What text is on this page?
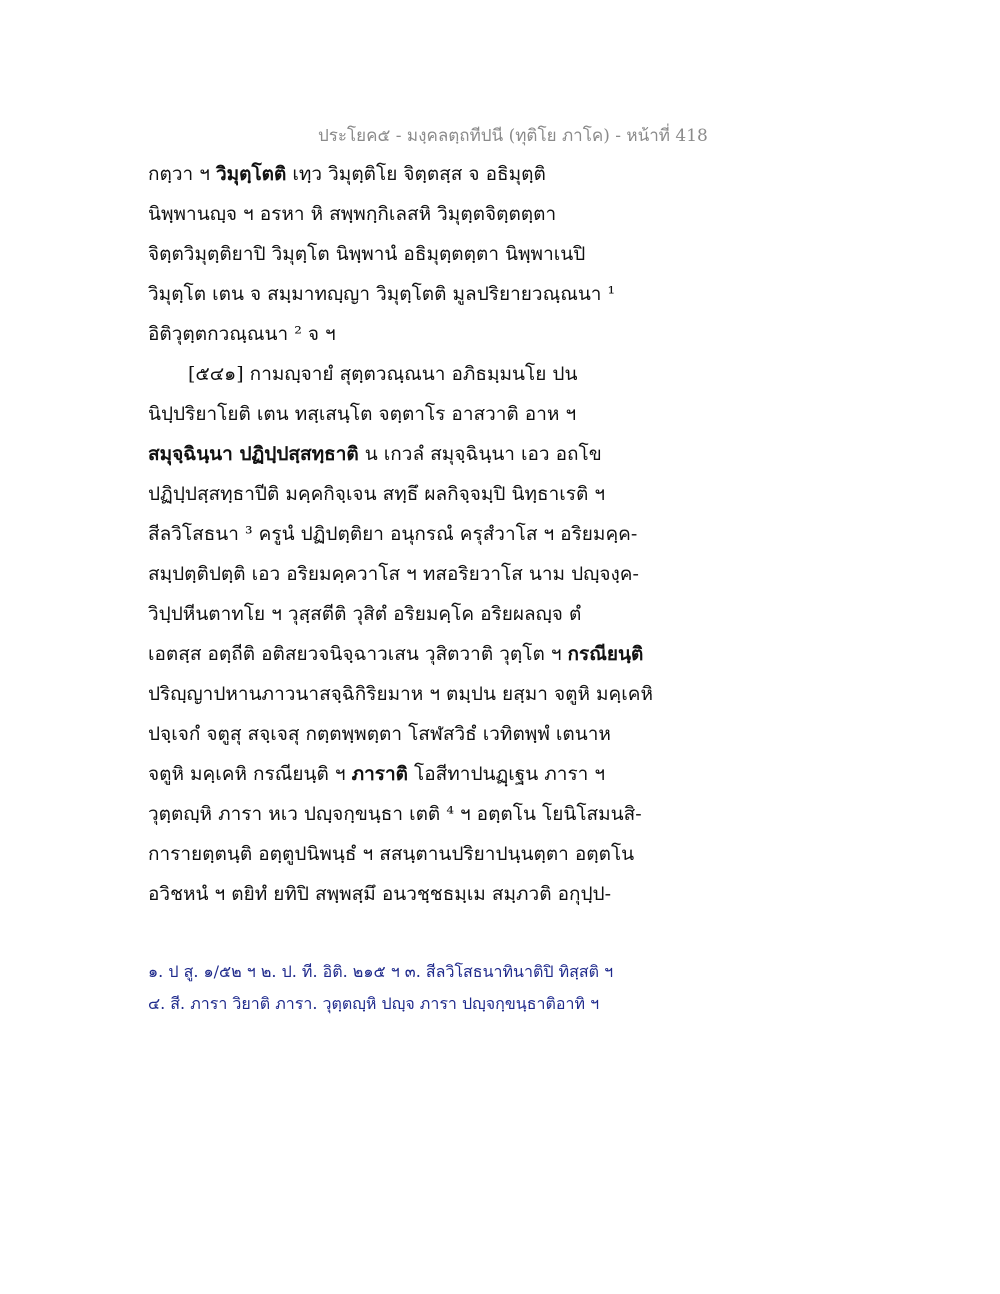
ประโยค๕ - มงฺคลตฺถทีปนี (ทุติโย ภาโค) - หน้าที่ 418
กตฺวา ฯ วิมุตฺโตติ เทฺว วิมุตฺติโย จิตฺตสฺส จ อธิมุตฺติ
นิพฺพานญฺจ ฯ อรหา หิ สพฺพกฺกิเลสหิ วิมุตฺตจิตฺตตฺตา
จิตฺตวิมุตฺติยาปิ วิมุตฺโต นิพฺพานํ อธิมุตฺตตฺตา นิพฺพาเนปิ
วิมุตฺโต เตน จ สมฺมาทญฺญา วิมุตฺโตติ มูลปริยายวณฺณนา ¹
อิติวุตฺตกวณฺณนา ² จ ฯ
[๕๔๑] กามญฺจายํ สุตฺตวณฺณนา อภิธมฺมนโย ปน
นิปฺปริยาโยติ เตน ทสฺเสนฺโต จตฺตาโร อาสวาติ อาห ฯ
สมุจฺฉินฺนา ปฏิปฺปสฺสทฺธาติ น เกวลํ สมุจฺฉินฺนา เอว อถโข
ปฏิปฺปสฺสทฺธาปีติ มคฺคกิจฺเจน สทฺธึ ผลกิจฺจมฺปิ นิทฺธาเรติ ฯ
สีลวิโสธนา ³ ครูนํ ปฏิปตฺติยา อนุกรณํ ครุสํวาโส ฯ อริยมคฺค-
สมฺปตฺติปตฺติ เอว อริยมคฺควาโส ฯ ทสอริยวาโส นาม ปญฺจงฺค-
วิปฺปหีนตาทโย ฯ วุสฺสตีติ วุสิตํ อริยมคฺโค อริยผลญฺจ ตํ
เอตสฺส อตฺถีติ อติสยวจนิจฺฉาวเสน วุสิตวาติ วุตฺโต ฯ กรณียนฺติ
ปริญฺญาปหานภาวนาสจฺฉิกิริยมาห ฯ ตมฺปน ยสฺมา จตูหิ มคฺเคหิ
ปจฺเจกํ จตูสุ สจฺเจสุ กตฺตพฺพตฺตา โสฬสวิธํ เวทิตพฺพํ เตนาห
จตูหิ มคฺเคหิ กรณียนฺติ ฯ ภาราติ โอสีทาปนฏฺเฐน ภารา ฯ
วุตฺตญฺหิ ภารา หเว ปญฺจกฺขนฺธา เตติ ⁴ ฯ อตฺตโน โยนิโสมนสิ-
การายตฺตนฺติ อตฺตูปนิพนฺธํ ฯ สสนฺตานปริยาปนฺนตฺตา อตฺตโน
อวิชหนํ ฯ ตยิทํ ยทิปิ สพฺพสฺมึ อนวชฺชธมฺเม สมฺภวติ อกุปฺป-
๑. ป สู. ๑/๕๒ ฯ ๒. ป. ที. อิติ. ๒๑๕ ฯ ๓. สีลวิโสธนาทินาติปิ ทิสฺสติ ฯ
๔. สี. ภารา วิยาติ ภารา. วุตฺตญฺหิ ปญฺจ ภารา ปญฺจกฺขนฺธาติอาทิ ฯ
